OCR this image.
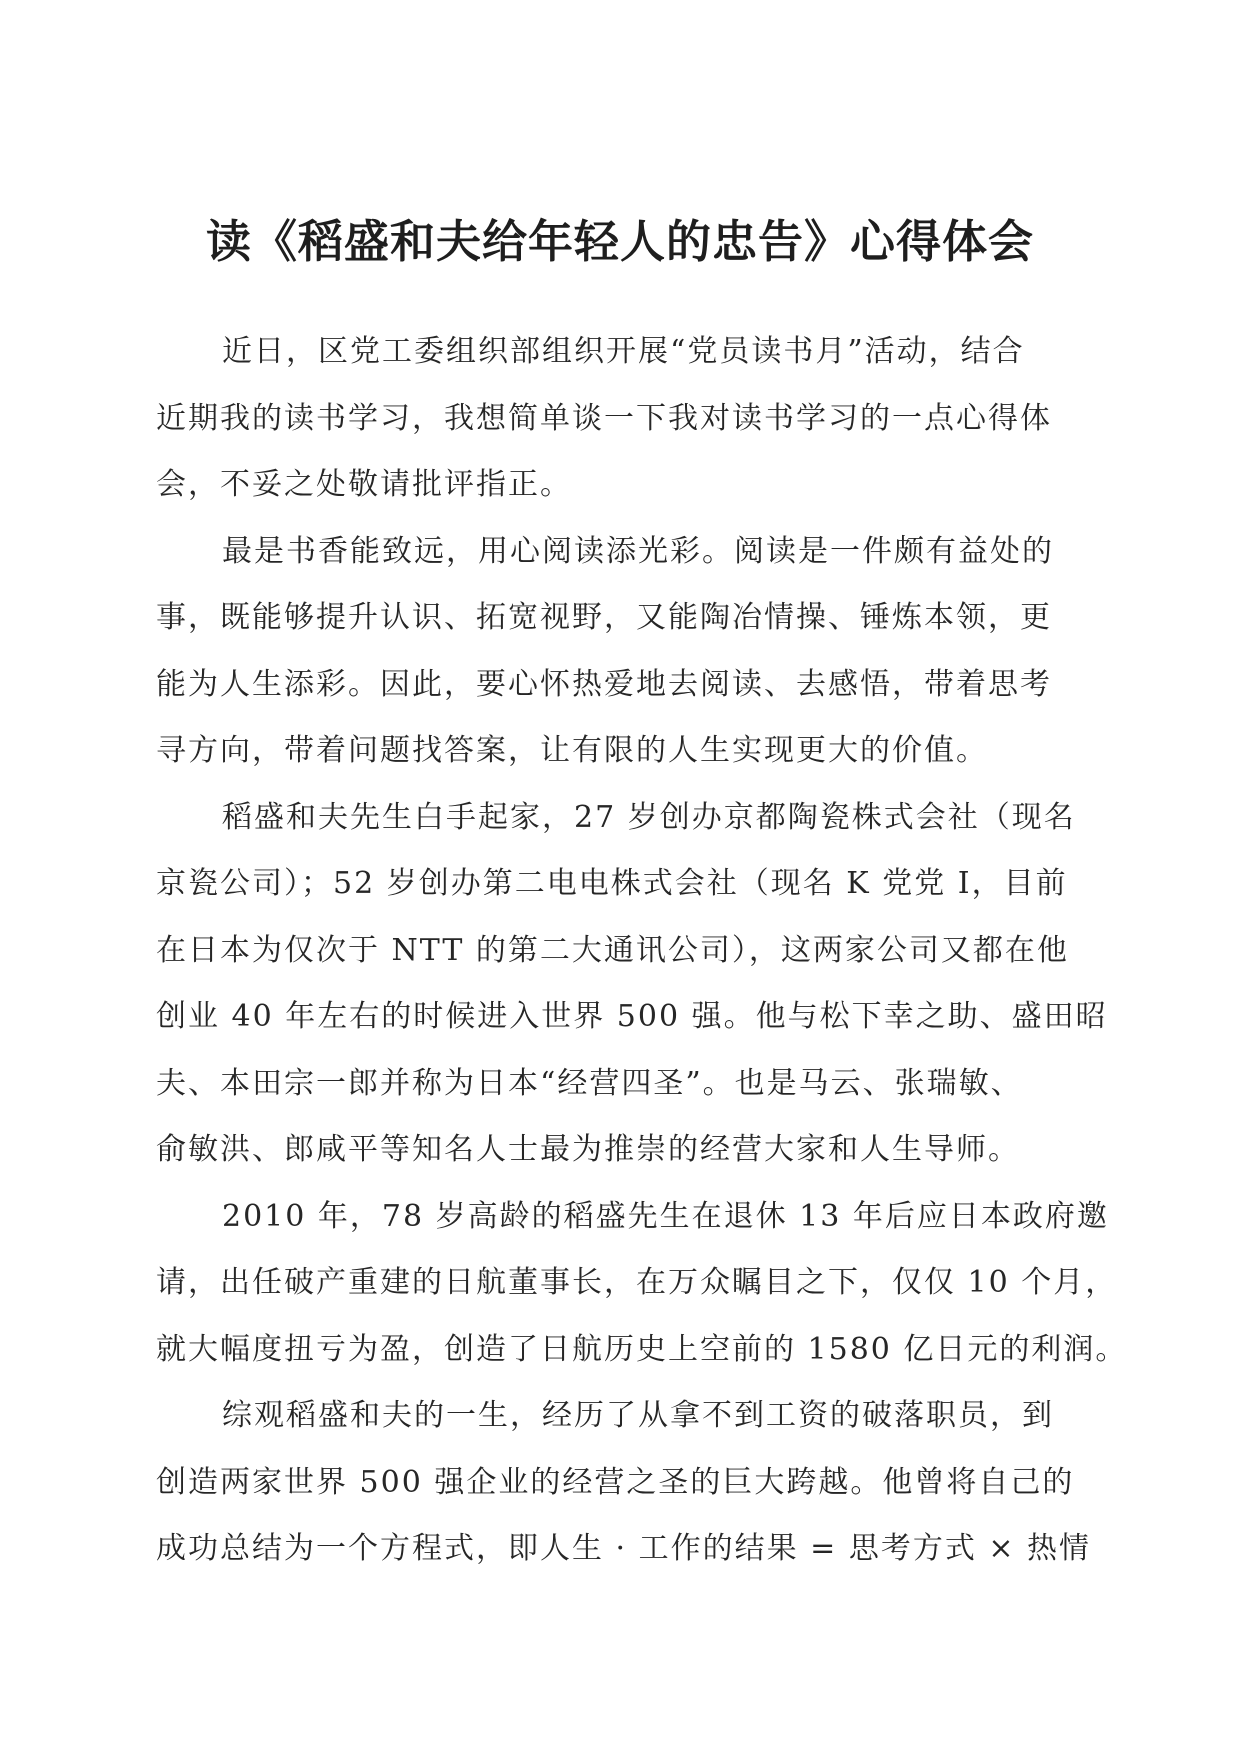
读《稻盛和夫给年轻人的忠告》心得体会
近日，区党工委组织部组织开展“党员读书月”活动，结合
近期我的读书学习，我想简单谈一下我对读书学习的一点心得体
会，不妥之处敬请批评指正。
最是书香能致远，用心阅读添光彩。阅读是一件颇有益处的
事，既能够提升认识、拓宽视野，又能陶冶情操、锤炼本领，更
能为人生添彩。因此，要心怀热爱地去阅读、去感悟，带着思考
寻方向，带着问题找答案，让有限的人生实现更大的价值。
稻盛和夫先生白手起家，27 岁创办京都陶瓷株式会社（现名
京瓷公司）；52 岁创办第二电电株式会社（现名 K 党党 I，目前
在日本为仅次于 NTT 的第二大通讯公司），这两家公司又都在他
创业 40 年左右的时候进入世界 500 强。他与松下幸之助、盛田昭
夫、本田宗一郎并称为日本“经营四圣”。也是马云、张瑞敏、
俞敏洪、郎咸平等知名人士最为推崇的经营大家和人生导师。
2010 年，78 岁高龄的稻盛先生在退休 13 年后应日本政府邀
请，出任破产重建的日航董事长，在万众瞩目之下，仅仅 10 个月，
就大幅度扭亏为盈，创造了日航历史上空前的 1580 亿日元的利润。
综观稻盛和夫的一生，经历了从拿不到工资的破落职员，到
创造两家世界 500 强企业的经营之圣的巨大跨越。他曾将自己的
成功总结为一个方程式，即人生 · 工作的结果 = 思考方式 × 热情
